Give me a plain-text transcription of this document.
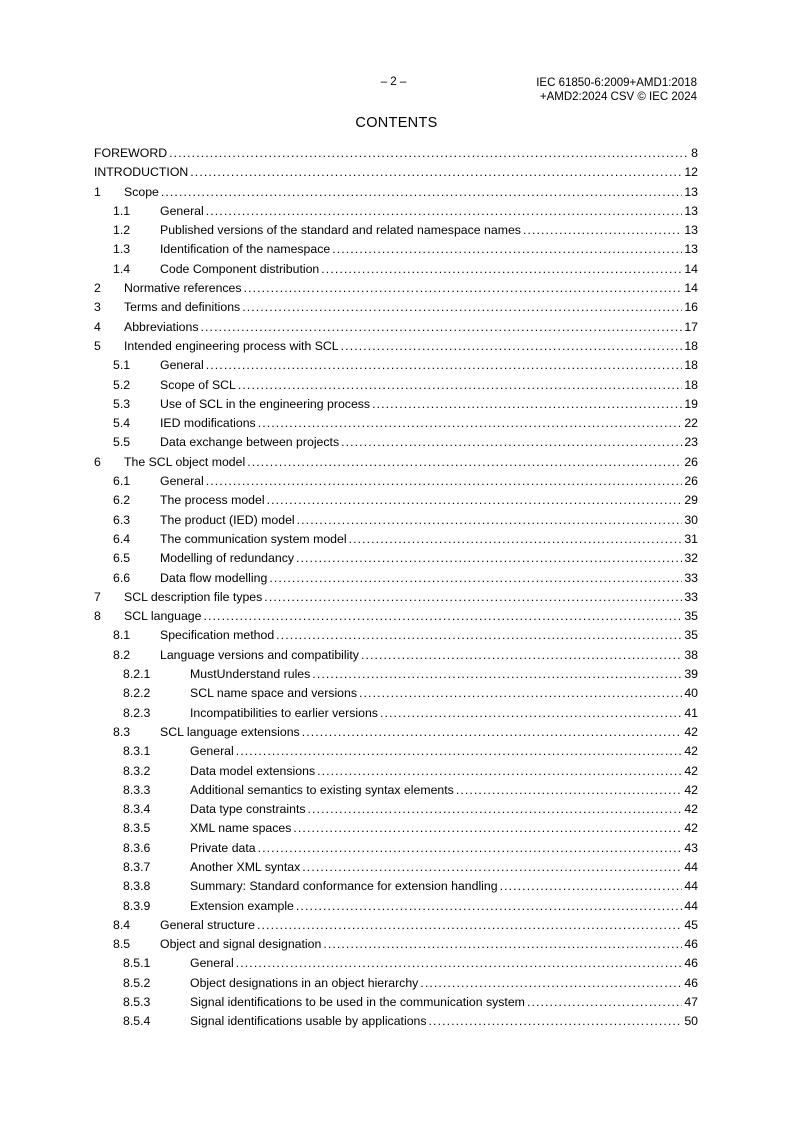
– 2 –	IEC 61850-6:2009+AMD1:2018
+AMD2:2024 CSV © IEC 2024
CONTENTS
FOREWORD .....	8
INTRODUCTION .....	12
1	Scope .....	13
1.1	General .....	13
1.2	Published versions of the standard and related namespace names .....	13
1.3	Identification of the namespace .....	13
1.4	Code Component distribution .....	14
2	Normative references .....	14
3	Terms and definitions .....	16
4	Abbreviations .....	17
5	Intended engineering process with SCL .....	18
5.1	General .....	18
5.2	Scope of SCL .....	18
5.3	Use of SCL in the engineering process .....	19
5.4	IED modifications .....	22
5.5	Data exchange between projects .....	23
6	The SCL object model .....	26
6.1	General .....	26
6.2	The process model .....	29
6.3	The product (IED) model .....	30
6.4	The communication system model .....	31
6.5	Modelling of redundancy .....	32
6.6	Data flow modelling .....	33
7	SCL description file types .....	33
8	SCL language .....	35
8.1	Specification method .....	35
8.2	Language versions and compatibility .....	38
8.2.1	MustUnderstand rules .....	39
8.2.2	SCL name space and versions .....	40
8.2.3	Incompatibilities to earlier versions .....	41
8.3	SCL language extensions .....	42
8.3.1	General .....	42
8.3.2	Data model extensions .....	42
8.3.3	Additional semantics to existing syntax elements .....	42
8.3.4	Data type constraints .....	42
8.3.5	XML name spaces .....	42
8.3.6	Private data .....	43
8.3.7	Another XML syntax .....	44
8.3.8	Summary: Standard conformance for extension handling .....	44
8.3.9	Extension example .....	44
8.4	General structure .....	45
8.5	Object and signal designation .....	46
8.5.1	General .....	46
8.5.2	Object designations in an object hierarchy .....	46
8.5.3	Signal identifications to be used in the communication system .....	47
8.5.4	Signal identifications usable by applications .....	50
